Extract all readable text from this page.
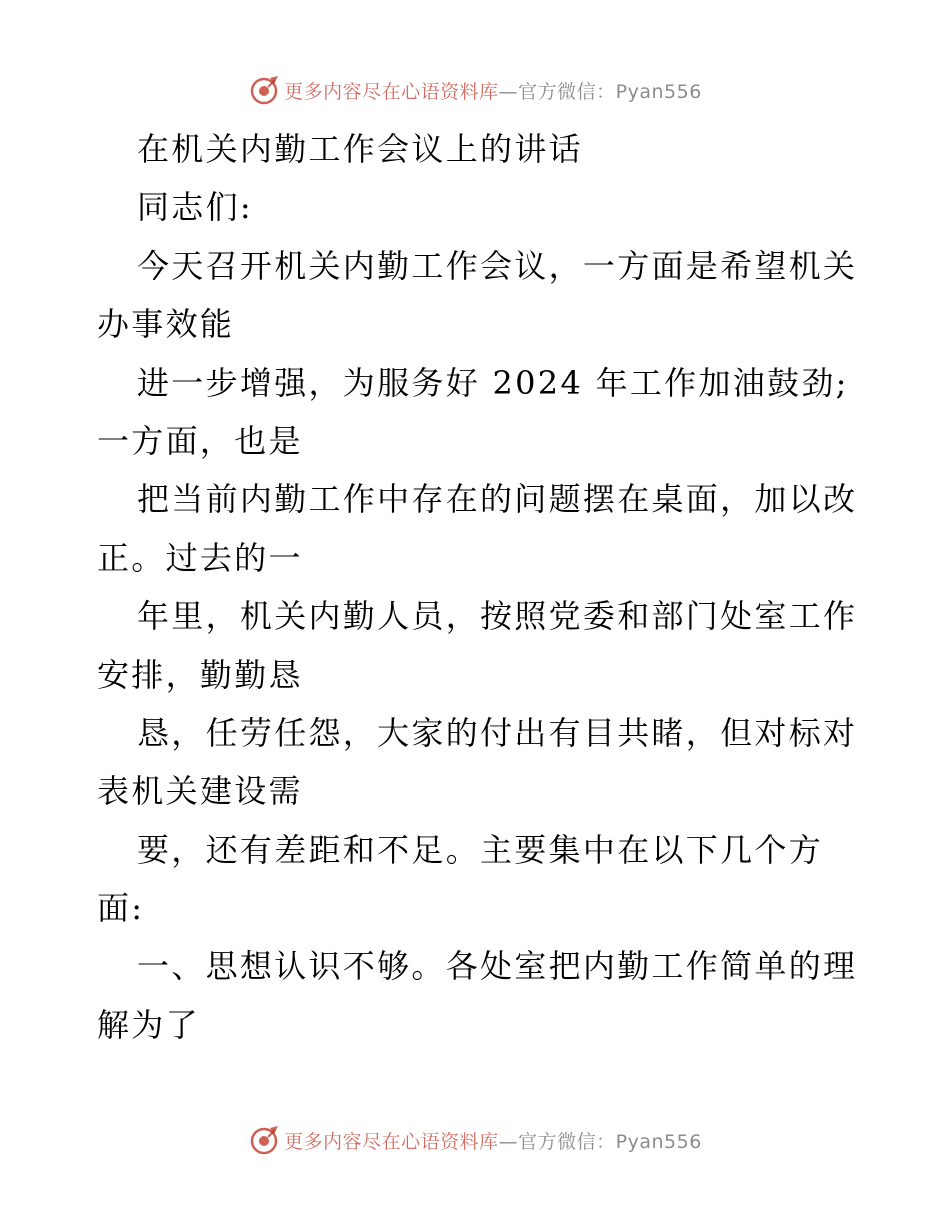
更多内容尽在心语资料库—官方微信：Pyan556
在机关内勤工作会议上的讲话
同志们:
今天召开机关内勤工作会议，一方面是希望机关
办事效能
进一步增强，为服务好 2024 年工作加油鼓劲;
一方面，也是
把当前内勤工作中存在的问题摆在桌面，加以改
正。过去的一
年里，机关内勤人员，按照党委和部门处室工作
安排，勤勤恳
恳，任劳任怨，大家的付出有目共睹，但对标对
表机关建设需
要，还有差距和不足。主要集中在以下几个方
面:
一、思想认识不够。各处室把内勤工作简单的理
解为了
更多内容尽在心语资料库—官方微信：Pyan556
